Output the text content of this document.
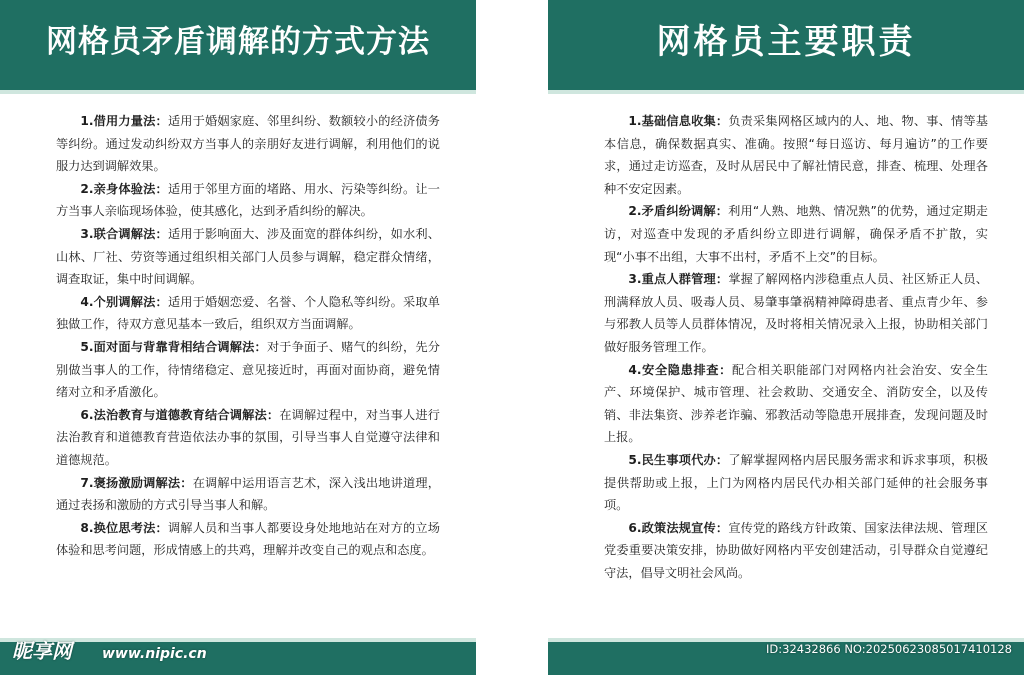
网格员矛盾调解的方式方法

1.借用力量法：适用于婚姻家庭、邻里纠纷、数额较小的经济债务等纠纷。通过发动纠纷双方当事人的亲朋好友进行调解，利用他们的说服力达到调解效果。

2.亲身体验法：适用于邻里方面的堵路、用水、污染等纠纷。让一方当事人亲临现场体验，使其感化，达到矛盾纠纷的解决。

3.联合调解法：适用于影响面大、涉及面宽的群体纠纷，如水利、山林、厂社、劳资等通过组织相关部门人员参与调解，稳定群众情绪，调查取证，集中时间调解。

4.个别调解法：适用于婚姻恋爱、名誉、个人隐私等纠纷。采取单独做工作，待双方意见基本一致后，组织双方当面调解。

5.面对面与背靠背相结合调解法：对于争面子、赌气的纠纷，先分别做当事人的工作，待情绪稳定、意见接近时，再面对面协商，避免情绪对立和矛盾激化。

6.法治教育与道德教育结合调解法：在调解过程中，对当事人进行法治教育和道德教育营造依法办事的氛围，引导当事人自觉遵守法律和道德规范。

7.褒扬激励调解法：在调解中运用语言艺术，深入浅出地讲道理，通过表扬和激励的方式引导当事人和解。

8.换位思考法：调解人员和当事人都要设身处地地站在对方的立场体验和思考问题，形成情感上的共鸡，理解并改变自己的观点和态度。

昵享网 www.nipic.cn
网格员主要职责

1.基础信息收集：负责采集网格区域内的人、地、物、事、情等基本信息，确保数据真实、准确。按照“每日巡访、每月遍访”的工作要求，通过走访巡查，及时从居民中了解社情民意，排查、梳理、处理各种不安定因素。

2.矛盾纠纷调解：利用“人熟、地熟、情况熟”的优势，通过定期走访，对巡查中发现的矛盾纠纷立即进行调解，确保矛盾不扩散，实现“小事不出组，大事不出村，矛盾不上交”的目标。

3.重点人群管理：掌握了解网格内涉稳重点人员、社区矫正人员、刑满释放人员、吸毒人员、易肇事肇祸精神障碍患者、重点青少年、参与邪教人员等人员群体情况，及时将相关情况录入上报，协助相关部门做好服务管理工作。

4.安全隐患排查：配合相关职能部门对网格内社会治安、安全生产、环境保护、城市管理、社会救助、交通安全、消防安全，以及传销、非法集资、涉养老诈骗、邪教活动等隐患开展排查，发现问题及时上报。

5.民生事项代办：了解掌握网格内居民服务需求和诉求事项，积极提供帮助或上报，上门为网格内居民代办相关部门延伸的社会服务事项。

6.政策法规宣传：宣传党的路线方针政策、国家法律法规、管理区党委重要决策安排，协助做好网格内平安创建活动，引导群众自觉遵纪守法，倡导文明社会风尚。

ID:32432866 NO:20250623085017410128
